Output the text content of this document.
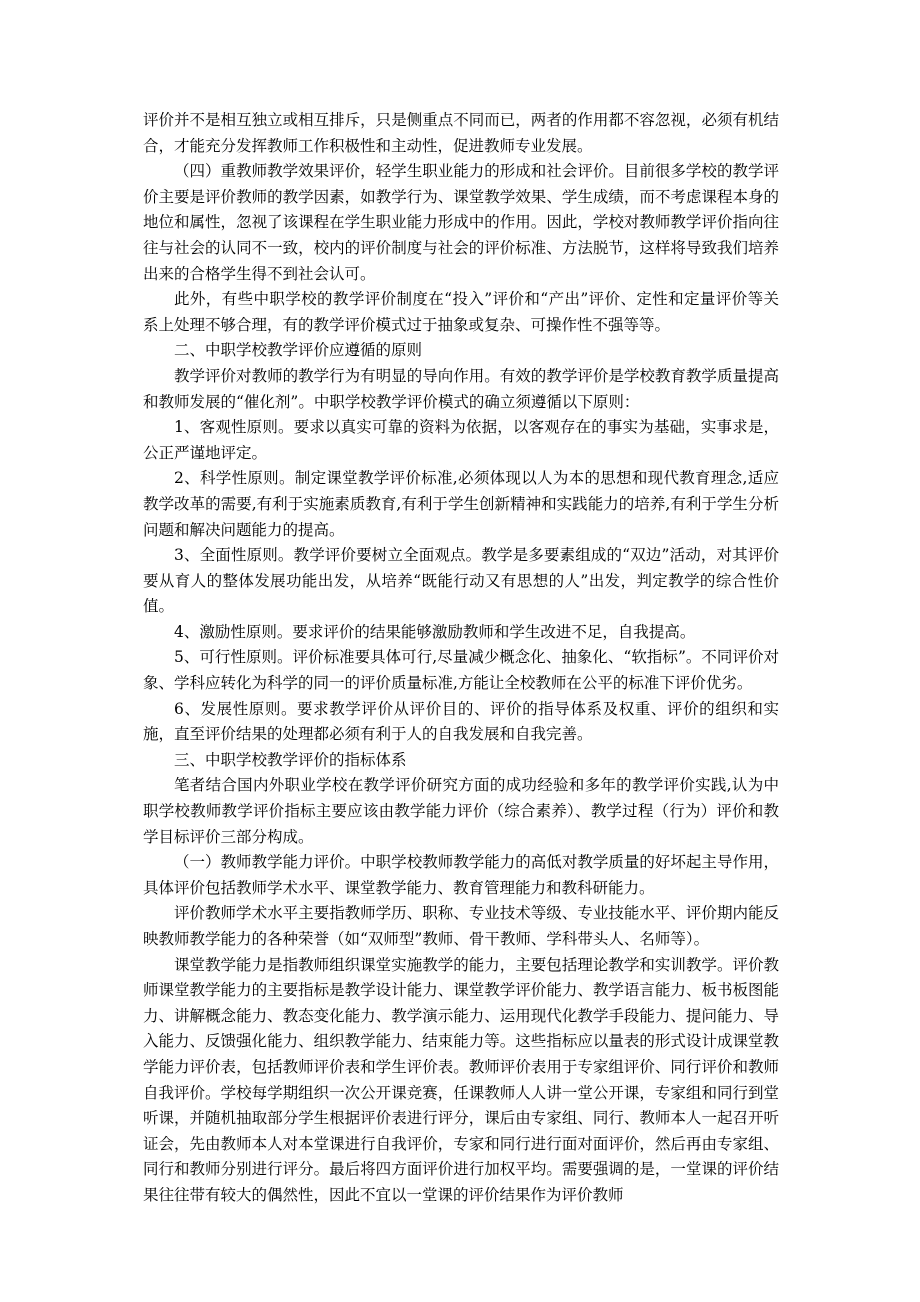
评价并不是相互独立或相互排斥，只是侧重点不同而已，两者的作用都不容忽视，必须有机结合，才能充分发挥教师工作积极性和主动性，促进教师专业发展。

（四）重教师教学效果评价，轻学生职业能力的形成和社会评价。目前很多学校的教学评价主要是评价教师的教学因素，如教学行为、课堂教学效果、学生成绩，而不考虑课程本身的地位和属性，忽视了该课程在学生职业能力形成中的作用。因此，学校对教师教学评价指向往往与社会的认同不一致，校内的评价制度与社会的评价标准、方法脱节，这样将导致我们培养出来的合格学生得不到社会认可。

此外，有些中职学校的教学评价制度在“投入”评价和“产出”评价、定性和定量评价等关系上处理不够合理，有的教学评价模式过于抽象或复杂、可操作性不强等等。

二、中职学校教学评价应遵循的原则

教学评价对教师的教学行为有明显的导向作用。有效的教学评价是学校教育教学质量提高和教师发展的“催化剂”。中职学校教学评价模式的确立须遵循以下原则：

1、客观性原则。要求以真实可靠的资料为依据，以客观存在的事实为基础，实事求是，公正严谨地评定。

2、科学性原则。制定课堂教学评价标准,必须体现以人为本的思想和现代教育理念,适应教学改革的需要,有利于实施素质教育,有利于学生创新精神和实践能力的培养,有利于学生分析问题和解决问题能力的提高。

3、全面性原则。教学评价要树立全面观点。教学是多要素组成的“双边”活动，对其评价要从育人的整体发展功能出发，从培养“既能行动又有思想的人”出发，判定教学的综合性价值。

4、激励性原则。要求评价的结果能够激励教师和学生改进不足，自我提高。

5、可行性原则。评价标准要具体可行,尽量减少概念化、抽象化、“软指标”。不同评价对象、学科应转化为科学的同一的评价质量标准,方能让全校教师在公平的标准下评价优劣。

6、发展性原则。要求教学评价从评价目的、评价的指导体系及权重、评价的组织和实施，直至评价结果的处理都必须有利于人的自我发展和自我完善。

三、中职学校教学评价的指标体系

笔者结合国内外职业学校在教学评价研究方面的成功经验和多年的教学评价实践,认为中职学校教师教学评价指标主要应该由教学能力评价（综合素养）、教学过程（行为）评价和教学目标评价三部分构成。

（一）教师教学能力评价。中职学校教师教学能力的高低对教学质量的好坏起主导作用，具体评价包括教师学术水平、课堂教学能力、教育管理能力和教科研能力。

评价教师学术水平主要指教师学历、职称、专业技术等级、专业技能水平、评价期内能反映教师教学能力的各种荣誉（如“双师型”教师、骨干教师、学科带头人、名师等）。

课堂教学能力是指教师组织课堂实施教学的能力，主要包括理论教学和实训教学。评价教师课堂教学能力的主要指标是教学设计能力、课堂教学评价能力、教学语言能力、板书板图能力、讲解概念能力、教态变化能力、教学演示能力、运用现代化教学手段能力、提问能力、导入能力、反馈强化能力、组织教学能力、结束能力等。这些指标应以量表的形式设计成课堂教学能力评价表，包括教师评价表和学生评价表。教师评价表用于专家组评价、同行评价和教师自我评价。学校每学期组织一次公开课竞赛，任课教师人人讲一堂公开课，专家组和同行到堂听课，并随机抽取部分学生根据评价表进行评分，课后由专家组、同行、教师本人一起召开听证会，先由教师本人对本堂课进行自我评价，专家和同行进行面对面评价，然后再由专家组、同行和教师分别进行评分。最后将四方面评价进行加权平均。需要强调的是，一堂课的评价结果往往带有较大的偶然性，因此不宜以一堂课的评价结果作为评价教师
